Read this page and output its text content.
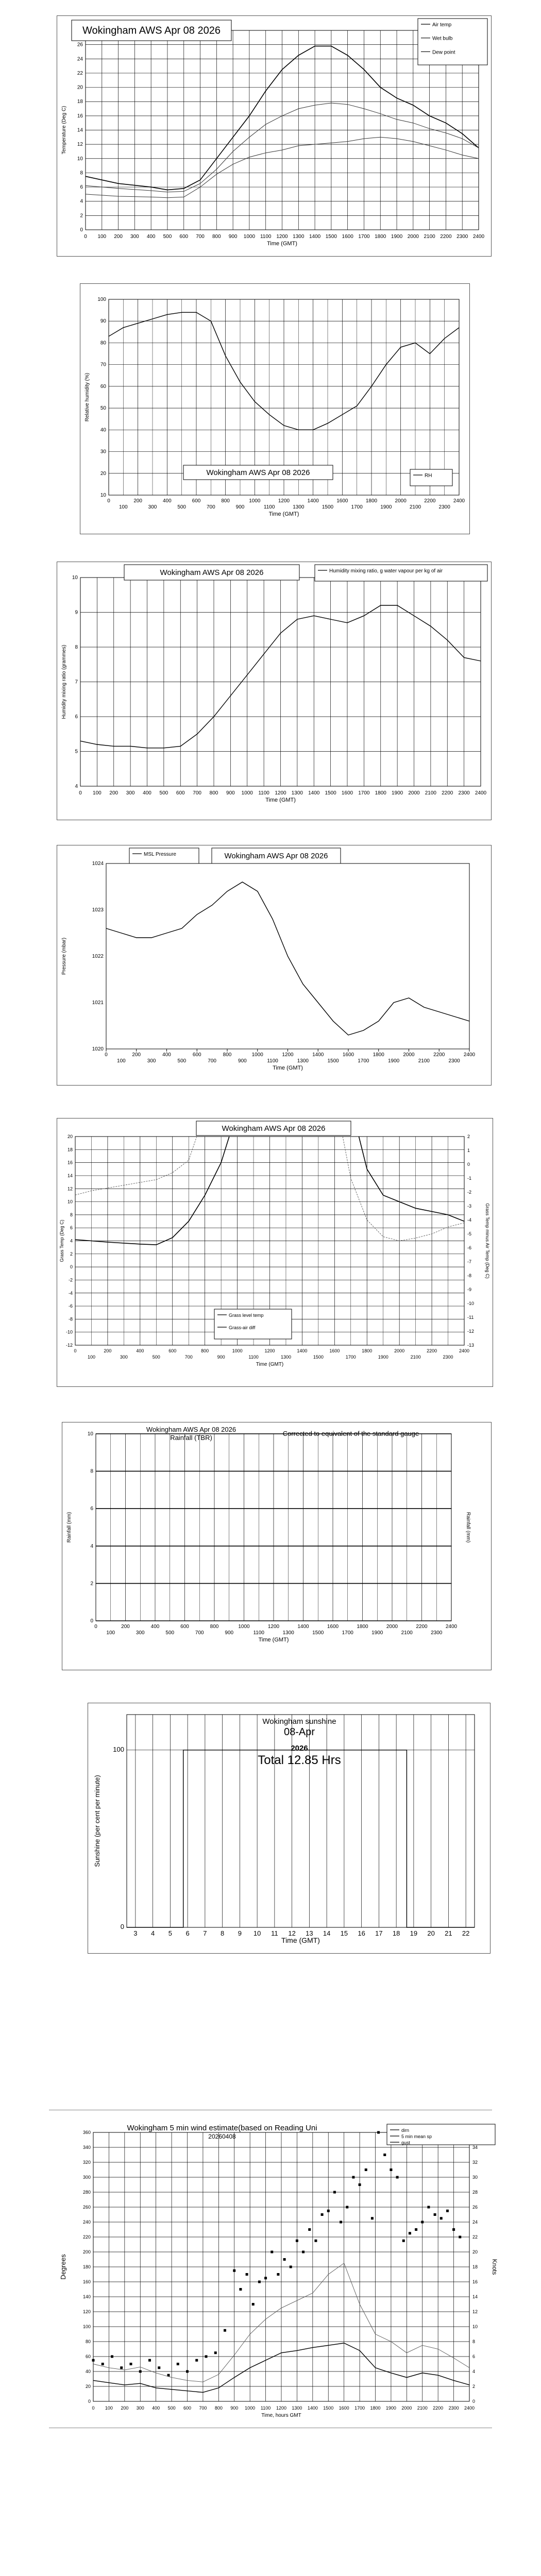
0
2
4
6
8
10
12
14
16
18
20
22
24
26
0 100 200 300 400 500 600 700 800 900 1000 1100 1200 1300 1400 1500 1600 1700 1800 1900 2000 2100 2200 2300 2400
Time (GMT)
Temperature (Deg C)
Wokingham AWS Apr 08 2026
Air temp
Wet bulb
Dew point
10
20
30
40
50
60
70
80
90
100
0	200	400	600	800	1000	1200	1400	1600	1800	2000	2200	2400
100	300	500	700	900	1100	1300	1500	1700	1900	2100	2300
Time (GMT)
Relative humidity (%)
Wokingham AWS Apr 08 2026	RH
4
5
6
7
8
9
10
0 100 200 300 400 500 600 700 800 900 1000 1100 1200 1300 1400 1500 1600 1700 1800 1900 2000 2100 2200 2300 2400
Time (GMT)
Humidity mixing ratio (grammes)
Wokingham AWS Apr 08 2026	Humidity mixing ratio, g water vapour per kg of air
1020
1021
1022
1023
1024
0	200	400	600	800	1000	1200	1400	1600	1800	2000	2200	2400
100	300	500	700	900	1100	1300	1500	1700	1900	2100	2300
Time (GMT)
Pressure (mbar)
Wokingham AWS Apr 08 2026
MSL Pressure
-12
-10
-8
-6
-4
-2
0
2
4
6
8
10
12
14
16
18
20
-13
-12
-11
-10
-9
-8
-7
-6
-5
-4
-3
-2
-1
0
1
2
0	200	400	600	800	1000	1200	1400	1600	1800	2000	2200	2400
100	300	500	700	900	1100	1300	1500	1700	1900	2100	2300
Time (GMT)
Grass Temp (Deg C)	Grass Temp minus Air Temp (Deg C)
Wokingham AWS Apr 08 2026
Grass level temp
Grass-air diff
0
2
4
6
8
10
0	200	400	600	800	1000	1200	1400	1600	1800	2000	2200	2400
100	300	500	700	900	1100	1300	1500	1700	1900	2100	2300
Time (GMT)
Rainfall (mm)	Rainfall (mm)
Wokingham AWS Apr 08 2026
Rainfall (TBR)
Corrected to equivalent of the standard gauge
0
100
3 4 5 6 7 8 9 10 11 12 13 14 15 16 17 18 19 20 21 22
Time (GMT)
Sunshine (per cent per minute)
Wokingham sunshine
08-Apr
2026
Total 12.85 Hrs
0
20
40
60
80
100
120
140
160
180
200
220
240
260
280
300
320
340
360
0
2
4
6
8
10
12
14
16
18
20
22
24
26
28
30
32
34
0 100 200 300 400 500 600 700 800 900 1000 1100 1200 1300 1400 1500 1600 1700 1800 1900 2000 2100 2200 2300 2400
Time, hours GMT
Degrees	Knots
dirn
5 min mean sp
gust
Wokingham 5 min wind estimate(based on Reading Uni
20260408
